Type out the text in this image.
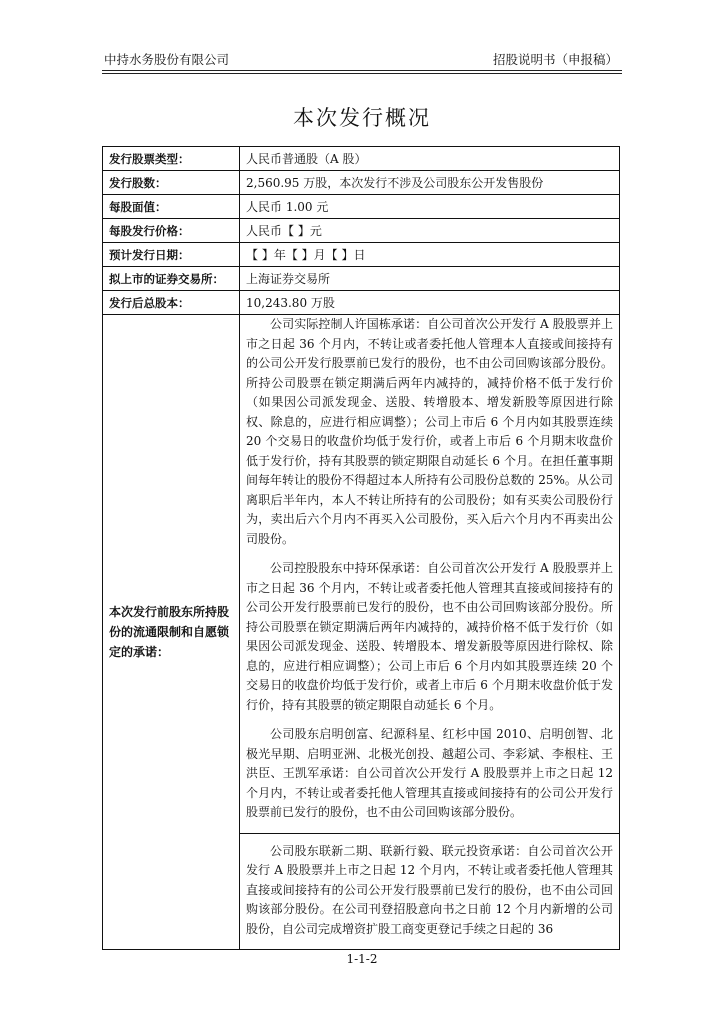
中持水务股份有限公司	招股说明书（申报稿）
本次发行概况
发行股票类型：	人民币普通股（A 股）
发行股数：	2,560.95 万股，本次发行不涉及公司股东公开发售股份
每股面值：	人民币 1.00 元
每股发行价格：	人民币【 】元
预计发行日期：	【 】年【 】月【 】日
拟上市的证券交易所：	上海证券交易所
发行后总股本：	10,243.80 万股
本次发行前股东所持股份的流通限制和自愿锁定的承诺：	公司实际控制人许国栋承诺：自公司首次公开发行 A 股股票并上市之日起 36 个月内，不转让或者委托他人管理本人直接或间接持有的公司公开发行股票前已发行的股份，也不由公司回购该部分股份。所持公司股票在锁定期满后两年内减持的，减持价格不低于发行价（如果因公司派发现金、送股、转增股本、增发新股等原因进行除权、除息的，应进行相应调整）；公司上市后 6 个月内如其股票连续 20 个交易日的收盘价均低于发行价，或者上市后 6 个月期末收盘价低于发行价，持有其股票的锁定期限自动延长 6 个月。在担任董事期间每年转让的股份不得超过本人所持有公司股份总数的 25%。从公司离职后半年内，本人不转让所持有的公司股份；如有买卖公司股份行为，卖出后六个月内不再买入公司股份，买入后六个月内不再卖出公司股份。

公司控股股东中持环保承诺：自公司首次公开发行 A 股股票并上市之日起 36 个月内，不转让或者委托他人管理其直接或间接持有的公司公开发行股票前已发行的股份，也不由公司回购该部分股份。所持公司股票在锁定期满后两年内减持的，减持价格不低于发行价（如果因公司派发现金、送股、转增股本、增发新股等原因进行除权、除息的，应进行相应调整）；公司上市后 6 个月内如其股票连续 20 个交易日的收盘价均低于发行价，或者上市后 6 个月期末收盘价低于发行价，持有其股票的锁定期限自动延长 6 个月。

公司股东启明创富、纪源科星、红杉中国 2010、启明创智、北极光早期、启明亚洲、北极光创投、越超公司、李彩斌、李根柱、王洪臣、王凯军承诺：自公司首次公开发行 A 股股票并上市之日起 12 个月内，不转让或者委托他人管理其直接或间接持有的公司公开发行股票前已发行的股份，也不由公司回购该部分股份。

公司股东联新二期、联新行毅、联元投资承诺：自公司首次公开发行 A 股股票并上市之日起 12 个月内，不转让或者委托他人管理其直接或间接持有的公司公开发行股票前已发行的股份，也不由公司回购该部分股份。在公司刊登招股意向书之日前 12 个月内新增的公司股份，自公司完成增资扩股工商变更登记手续之日起的 36

1-1-2
